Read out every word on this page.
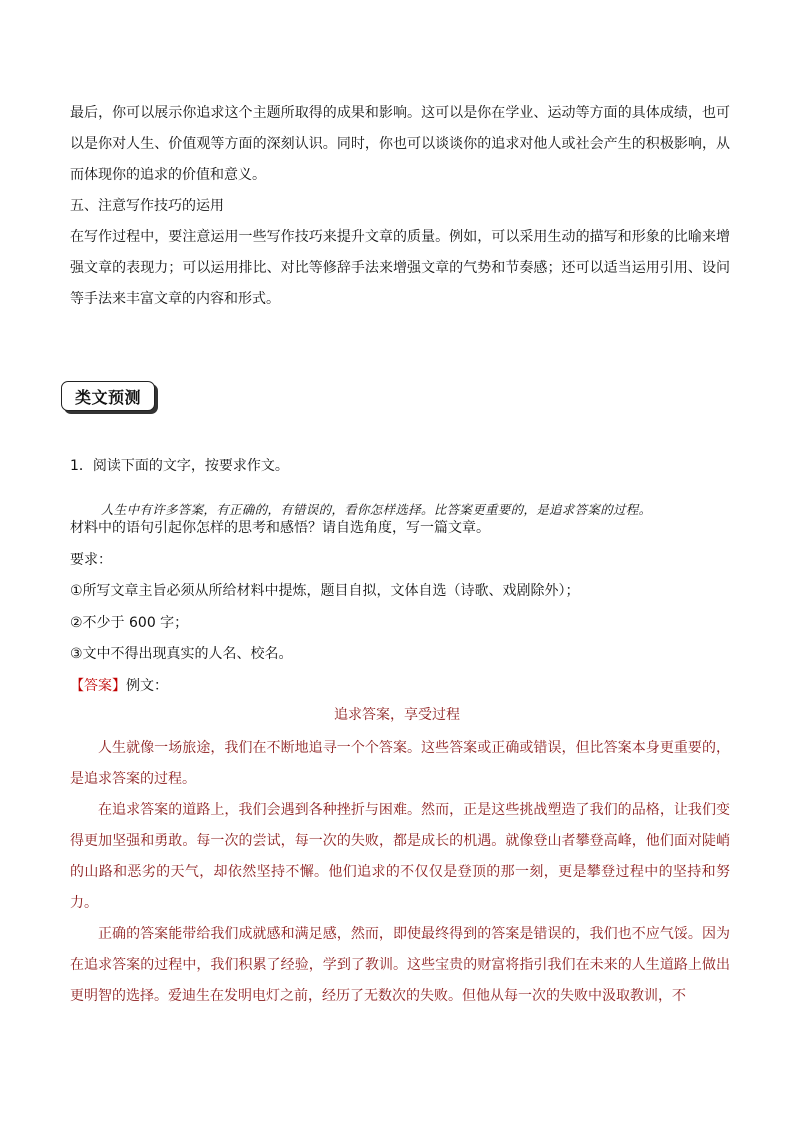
最后，你可以展示你追求这个主题所取得的成果和影响。这可以是你在学业、运动等方面的具体成绩，也可以是你对人生、价值观等方面的深刻认识。同时，你也可以谈谈你的追求对他人或社会产生的积极影响，从而体现你的追求的价值和意义。

五、注意写作技巧的运用

在写作过程中，要注意运用一些写作技巧来提升文章的质量。例如，可以采用生动的描写和形象的比喻来增强文章的表现力；可以运用排比、对比等修辞手法来增强文章的气势和节奏感；还可以适当运用引用、设问等手法来丰富文章的内容和形式。

类文预测

1．阅读下面的文字，按要求作文。

人生中有许多答案，有正确的，有错误的，看你怎样选择。比答案更重要的，是追求答案的过程。

材料中的语句引起你怎样的思考和感悟？请自选角度，写一篇文章。

要求：

①所写文章主旨必须从所给材料中提炼，题目自拟，文体自选（诗歌、戏剧除外）；

②不少于 600 字；

③文中不得出现真实的人名、校名。

【答案】例文：
追求答案，享受过程

人生就像一场旅途，我们在不断地追寻一个个答案。这些答案或正确或错误，但比答案本身更重要的，是追求答案的过程。

在追求答案的道路上，我们会遇到各种挫折与困难。然而，正是这些挑战塑造了我们的品格，让我们变得更加坚强和勇敢。每一次的尝试，每一次的失败，都是成长的机遇。就像登山者攀登高峰，他们面对陡峭的山路和恶劣的天气，却依然坚持不懈。他们追求的不仅仅是登顶的那一刻，更是攀登过程中的坚持和努力。

正确的答案能带给我们成就感和满足感，然而，即使最终得到的答案是错误的，我们也不应气馁。因为在追求答案的过程中，我们积累了经验，学到了教训。这些宝贵的财富将指引我们在未来的人生道路上做出更明智的选择。爱迪生在发明电灯之前，经历了无数次的失败。但他从每一次的失败中汲取教训，不
